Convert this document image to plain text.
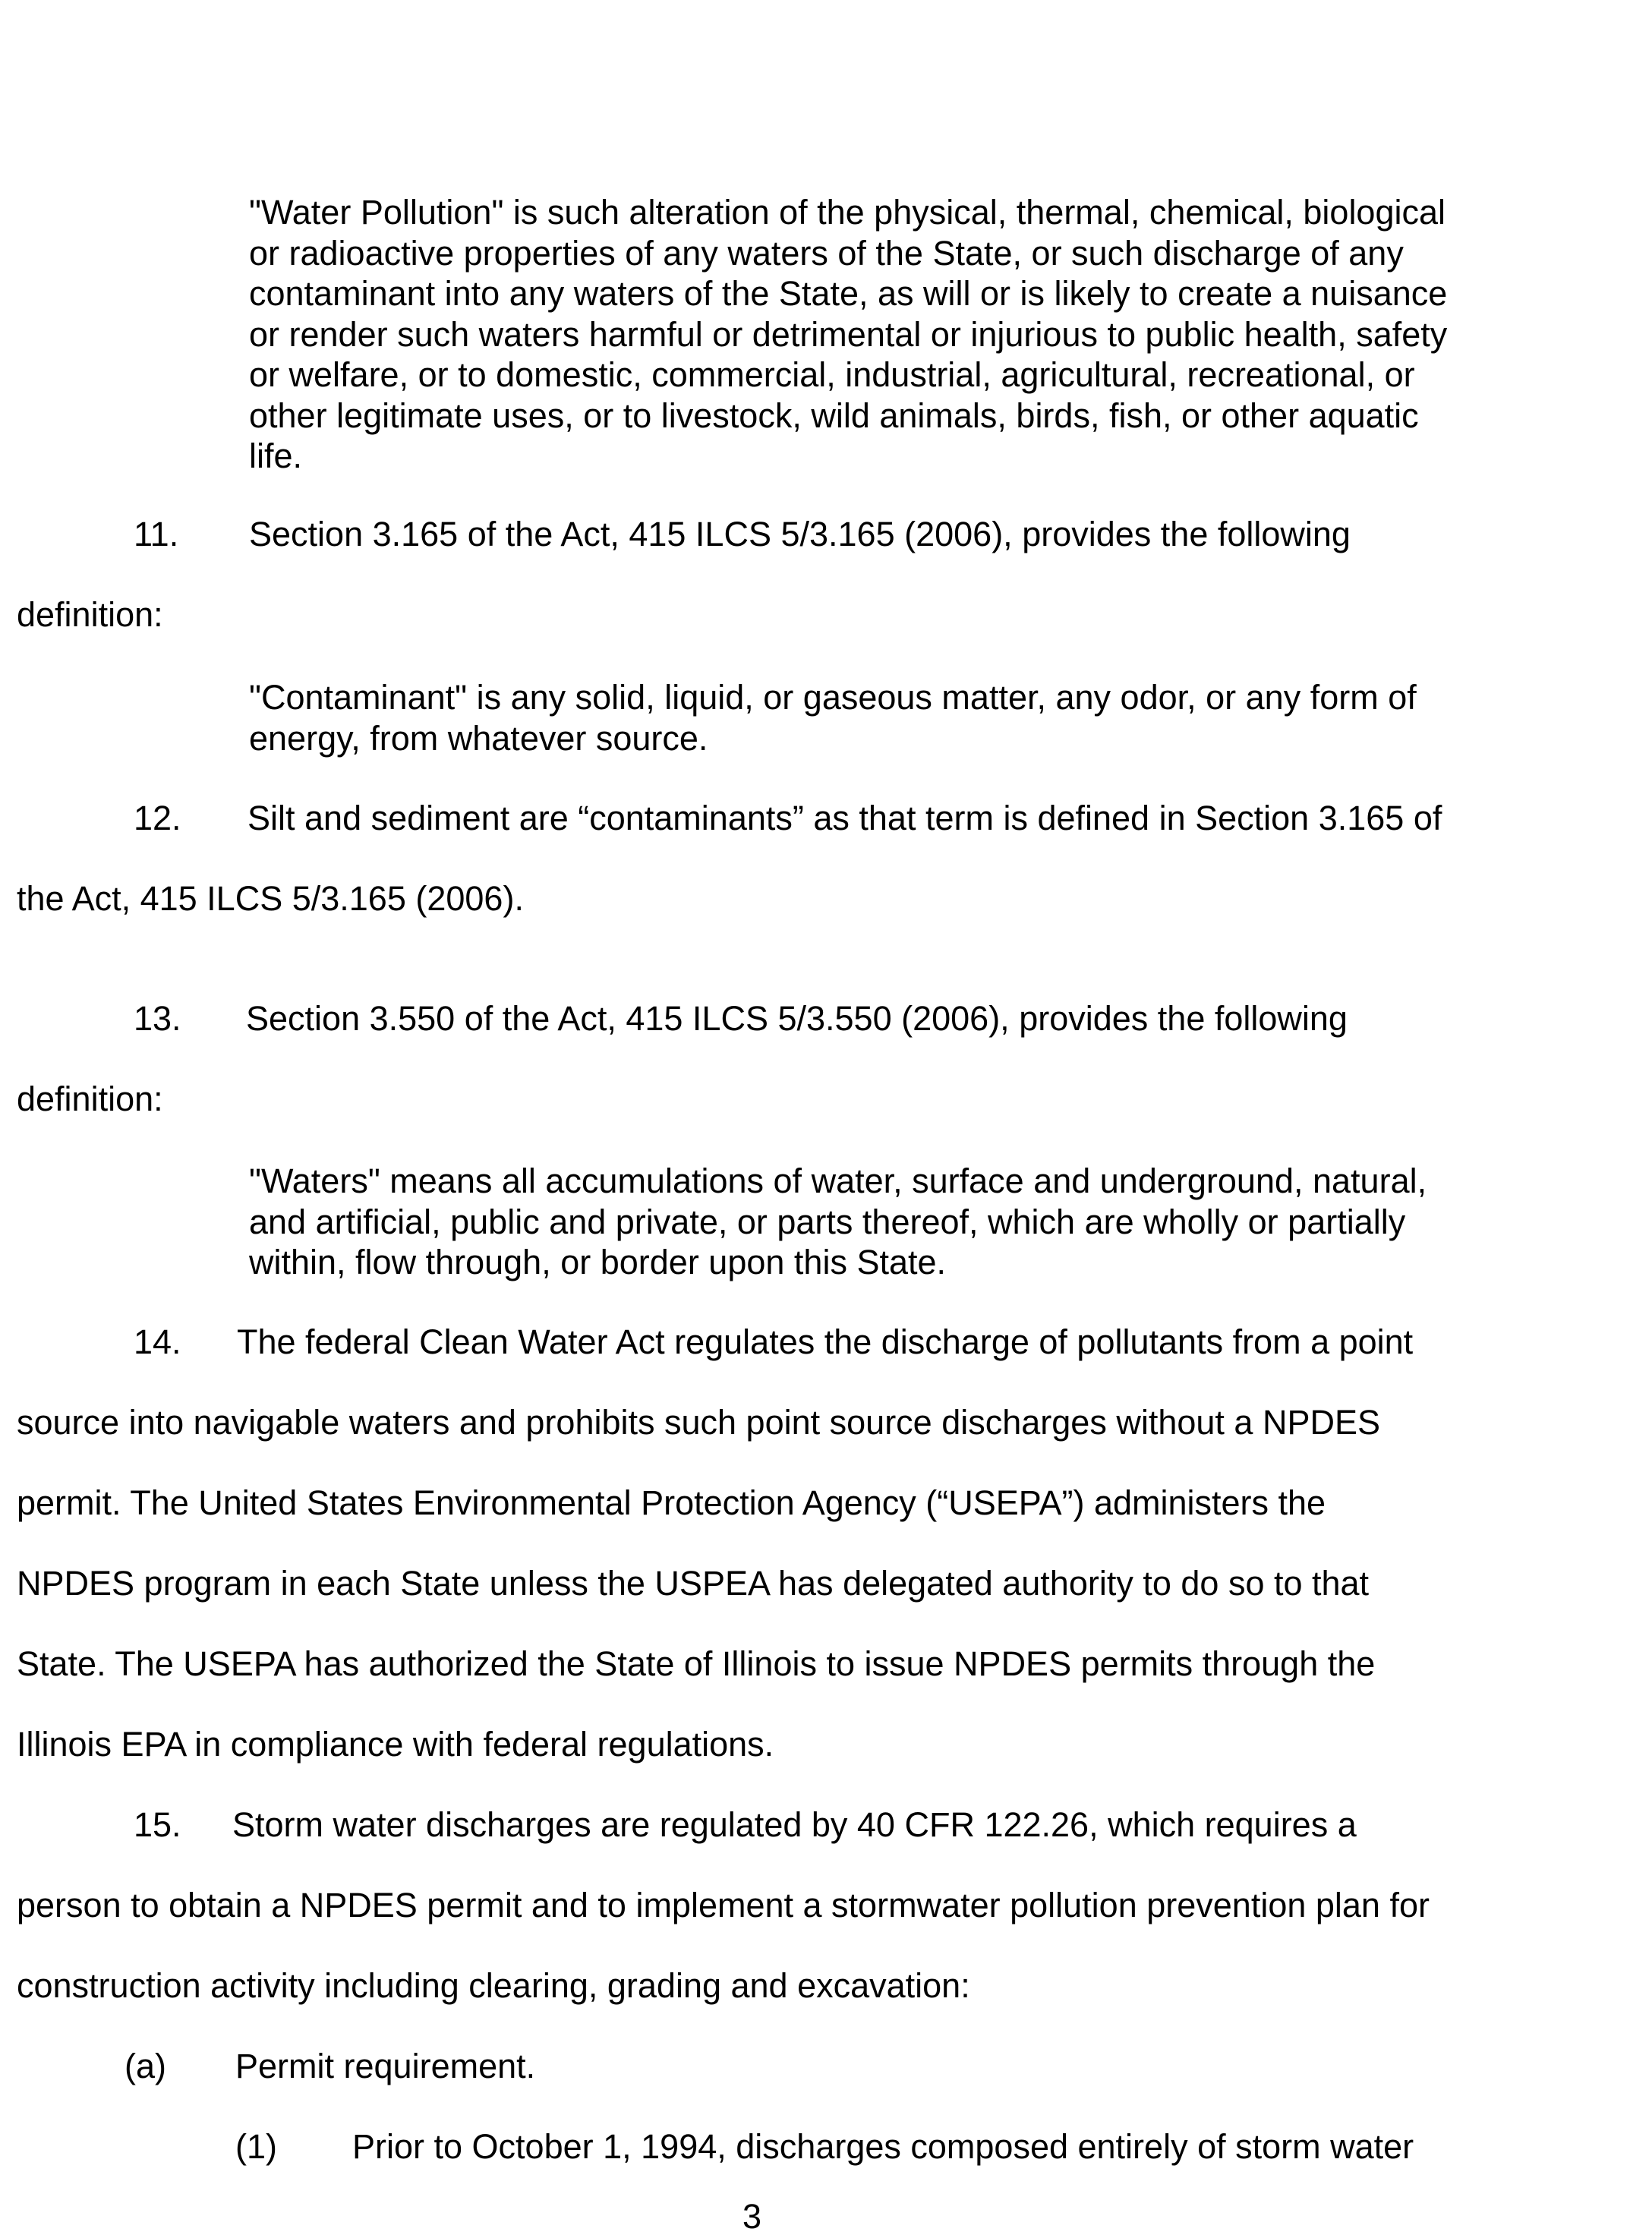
"Water Pollution" is such alteration of the physical, thermal, chemical, biological
or radioactive properties of any waters of the State, or such discharge of any
contaminant into any waters of the State, as will or is likely to create a nuisance
or render such waters harmful or detrimental or injurious to public health, safety
or welfare, or to domestic, commercial, industrial, agricultural, recreational, or
other legitimate uses, or to livestock, wild animals, birds, fish, or other aquatic
life.

11. Section 3.165 of the Act, 415 ILCS 5/3.165 (2006), provides the following

definition:

"Contaminant" is any solid, liquid, or gaseous matter, any odor, or any form of
energy, from whatever source.

12. Silt and sediment are “contaminants” as that term is defined in Section 3.165 of

the Act, 415 ILCS 5/3.165 (2006).

13. Section 3.550 of the Act, 415 ILCS 5/3.550 (2006), provides the following

definition:

"Waters" means all accumulations of water, surface and underground, natural,
and artificial, public and private, or parts thereof, which are wholly or partially
within, flow through, or border upon this State.

14. The federal Clean Water Act regulates the discharge of pollutants from a point

source into navigable waters and prohibits such point source discharges without a NPDES

permit. The United States Environmental Protection Agency (“USEPA”) administers the

NPDES program in each State unless the USPEA has delegated authority to do so to that

State. The USEPA has authorized the State of Illinois to issue NPDES permits through the

Illinois EPA in compliance with federal regulations.

15. Storm water discharges are regulated by 40 CFR 122.26, which requires a

person to obtain a NPDES permit and to implement a stormwater pollution prevention plan for

construction activity including clearing, grading and excavation:

(a) Permit requirement.

(1) Prior to October 1, 1994, discharges composed entirely of storm water

3
